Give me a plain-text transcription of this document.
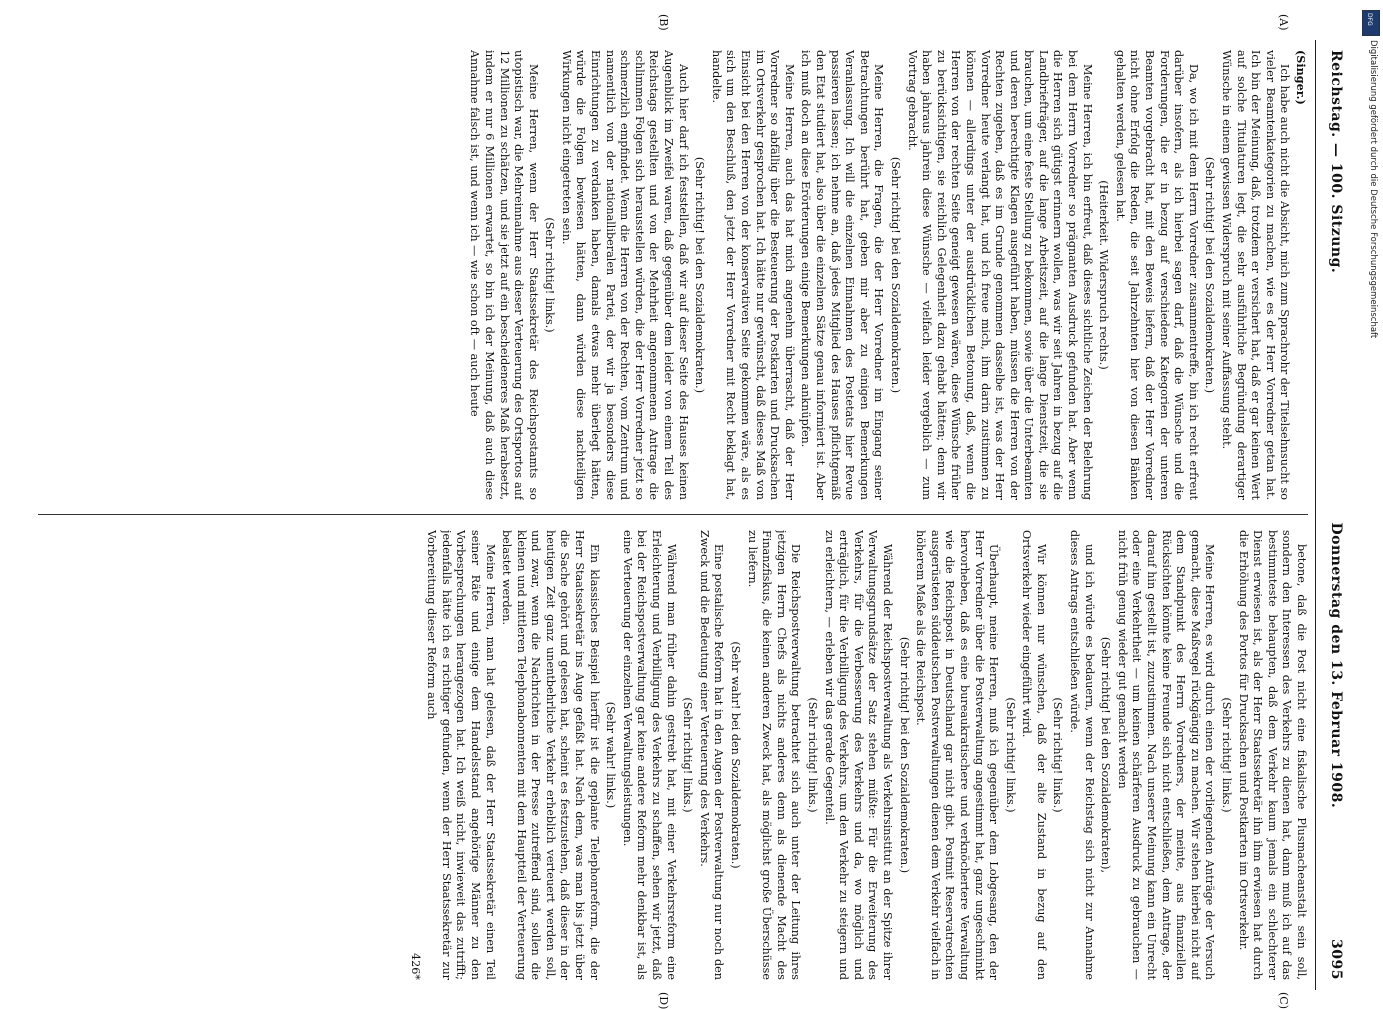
Reichstag. — 100. Sitzung.
Donnerstag den 13. Februar 1908.  3095

(Singer.)

Ich habe auch nicht die Absicht, mich zum Sprachrohr der Titelsehnsucht so vieler Beamtenkategorien zu machen, wie es der Herr Vorredner getan hat. Ich bin der Meinung, daß, trotzdem er versichert hat, daß er gar keinen Wert auf solche Titulaturen legt, die sehr ausführliche Begründung derartiger Wünsche in einem gewissen Widerspruch mit seiner Auffassung steht.

(Sehr richtig! bei den Sozialdemokraten.)

Da, wo ich mit dem Herrn Vorredner zusammentreffe, bin ich recht erfreut darüber insofern, als ich hierbei sagen darf, daß die Wünsche und die Forderungen, die er in bezug auf verschiedene Kategorien der unteren Beamten vorgebracht hat, mit den Beweis liefern, daß der Herr Vorredner nicht ohne Erfolg die Reden, die seit Jahrzehnten hier von diesen Bänken gehalten werden, gelesen hat.

(Heiterkeit. Widerspruch rechts.)

Meine Herren, ich bin erfreut, daß dieses sichtliche Zeichen der Belehrung bei dem Herrn Vorredner so prägnanten Ausdruck gefunden hat. Aber wenn die Herren sich gütigst erinnern wollen, was wir seit Jahren in bezug auf die Landbriefträger, auf die lange Arbeitszeit, auf die lange Dienstzeit, die sie brauchen, um eine feste Stellung zu bekommen, sowie über die Unterbeamten und deren berechtigte Klagen ausgeführt haben, müssen die Herren von der Rechten zugeben, daß es im Grunde genommen dasselbe ist, was der Herr Vorredner heute verlangt hat, und ich freue mich, ihm darin zustimmen zu können — allerdings unter der ausdrücklichen Betonung, daß, wenn die Herren von der rechten Seite geneigt gewesen wären, diese Wünsche früher zu berücksichtigen, sie reichlich Gelegenheit dazu gehabt hätten; denn wir haben jahraus jahrein diese Wünsche — vielfach leider vergeblich — zum Vortrag gebracht.

(Sehr richtig! bei den Sozialdemokraten.)

Meine Herren, die Fragen, die der Herr Vorredner im Eingang seiner Betrachtungen berührt hat, geben mir aber zu einigen Bemerkungen Veranlassung. Ich will die einzelnen Einnahmen des Postetats hier Revue passieren lassen; ich nehme an, daß jedes Mitglied des Hauses pflichtgemäß den Etat studiert hat, also über die einzelnen Sätze genau informiert ist. Aber ich muß doch an diese Erörterungen einige Bemerkungen anknüpfen.

Meine Herren, auch das hat mich angenehm überrascht, daß der Herr Vorredner so abfällig über die Besteuerung der Postkarten und Drucksachen im Ortsverkehr gesprochen hat. Ich hätte nur gewünscht, daß dieses Maß von Einsicht bei den Herren von der konservativen Seite gekommen wäre, als es sich um den Beschluß, den jetzt der Herr Vorredner mit Recht beklagt hat, handelte.

(Sehr richtig! bei den Sozialdemokraten.)

Auch hier darf ich feststellen, daß wir auf dieser Seite des Hauses keinen Augenblick im Zweifel waren, daß gegenüber dem leider von einem Teil des Reichstags gestellten und von der Mehrheit angenommenen Antrage die schlimmen Folgen sich herausstellen würden, die der Herr Vorredner jetzt so schmerzlich empfindet. Wenn die Herren von der Rechten, vom Zentrum und namentlich von der nationalliberalen Partei, der wir ja besonders diese Einrichtungen zu verdanken haben, damals etwas mehr überlegt hätten, würde die Folgen bewiesen hätten, dann würden diese nachteiligen Wirkungen nicht eingetreten sein.

(Sehr richtig! links.)

Meine Herren, wenn der Herr Staatssekretär des Reichspostamts so utopistisch war, die Mehreinnahme aus dieser Verteuerung des Ortsportos auf 12 Millionen zu schätzen, und sie jetzt auf ein bescheideneres Maß herabsetzt, indem er nur 6 Millionen erwartet, so bin ich der Meinung, daß auch diese Annahme falsch ist, und wenn ich — wie schon oft — auch heute

betone, daß die Post nicht eine fiskalische Plusmacheanstalt sein soll, sondern den Interessen des Verkehrs zu dienen hat, dann muß ich auf das bestimmteste behaupten, daß dem Verkehr kaum jemals ein schlechterer Dienst erwiesen ist, als der Herr Staatssekretär ihn ihm erwiesen hat durch die Erhöhung des Portos für Drucksachen und Postkarten im Ortsverkehr.

(Sehr richtig! links.)

Meine Herren, es wird durch einen der vorliegenden Anträge der Versuch gemacht, diese Maßregel rückgängig zu machen. Wir stehen hierbei nicht auf dem Standpunkt des Herrn Vorredners, der meinte, aus finanziellen Rücksichten könnte keine Freunde sich nicht entschließen, dem Antrage, der darauf hin gestellt ist, zuzustimmen. Nach unserer Meinung kann ein Unrecht oder eine Verkehrtheit — um keinen schärferen Ausdruck zu gebrauchen — nicht früh genug wieder gut gemacht werden

(Sehr richtig! bei den Sozialdemokraten),

und ich würde es bedauern, wenn der Reichstag sich nicht zur Annahme dieses Antrags entschließen würde.

(Sehr richtig! links.)

Wir können nur wünschen, daß der alte Zustand in bezug auf den Ortsverkehr wieder eingeführt wird.

(Sehr richtig! links.)

Überhaupt, meine Herren, muß ich gegenüber dem Lobgesang, den der Herr Vorredner über die Postverwaltung angestimmt hat, ganz ungeschminkt hervorheben, daß es eine bureaukratischere und verknöchertere Verwaltung wie die Reichspost in Deutschland gar nicht gibt. Postmit Reservatrechten ausgerüsteten süddeutschen Postverwaltungen dienen dem Verkehr vielfach in höherem Maße als die Reichspost.

(Sehr richtig! bei den Sozialdemokraten.)

Während der Reichspostverwaltung als Verkehrsinstitut an der Spitze ihrer Verwaltungsgrundsätze der Satz stehen müßte: Für die Erweiterung des Verkehrs, für die Verbesserung des Verkehrs und da, wo möglich und erträglich, für die Verbilligung des Verkehrs, um den Verkehr zu steigern und zu erleichtern, — erleben wir das gerade Gegenteil.

(Sehr richtig! links.)

Die Reichspostverwaltung betrachtet sich auch unter der Leitung ihres jetzigen Herrn Chefs als nichts anderes denn als dienende Macht des Finanzfiskus, die keinen anderen Zweck hat, als möglichst große Überschüsse zu liefern.

(Sehr wahr! bei den Sozialdemokraten.)

Eine postalische Reform hat in den Augen der Postverwaltung nur noch den Zweck und die Bedeutung einer Verteuerung des Verkehrs.

(Sehr richtig! links.)

Während man früher dahin gestrebt hat, mit einer Verkehrsreform eine Erleichterung und Verbilligung des Verkehrs zu schaffen, sehen wir jetzt, daß bei der Reichspostverwaltung gar keine andere Reform mehr denkbar ist, als eine Verteuerung der einzelnen Verwaltungsleistungen.

(Sehr wahr! links.)

Ein klassisches Beispiel hierfür ist die geplante Telephonreform, die der Herr Staatssekretär ins Auge gefaßt hat. Nach dem, was man bis jetzt über die Sache gehört und gelesen hat, scheint es festzustehen, daß dieser in der heutigen Zeit ganz unentbehrliche Verkehr erheblich verteuert werden soll, und zwar, wenn die Nachrichten in der Presse zutreffend sind, sollen die kleinen und mittleren Telephonabonnenten mit dem Hauptteil der Verteuerung belastet werden.

Meine Herren, man hat gelesen, daß der Herr Staatssekretär einen Teil seiner Räte und einige dem Handelsstand angehörige Männer zu den Vorbesprechungen herangezogen hat. Ich weiß nicht, inwieweit das zutrifft; jedenfalls hätte ich es richtiger gefunden, wenn der Herr Staatssekretär zur Vorbereitung dieser Reform auch

426*

(A)
(B)
(C)
(D)
DFG
Digitalisierung gefördert durch die Deutsche Forschungsgemeinschaft
